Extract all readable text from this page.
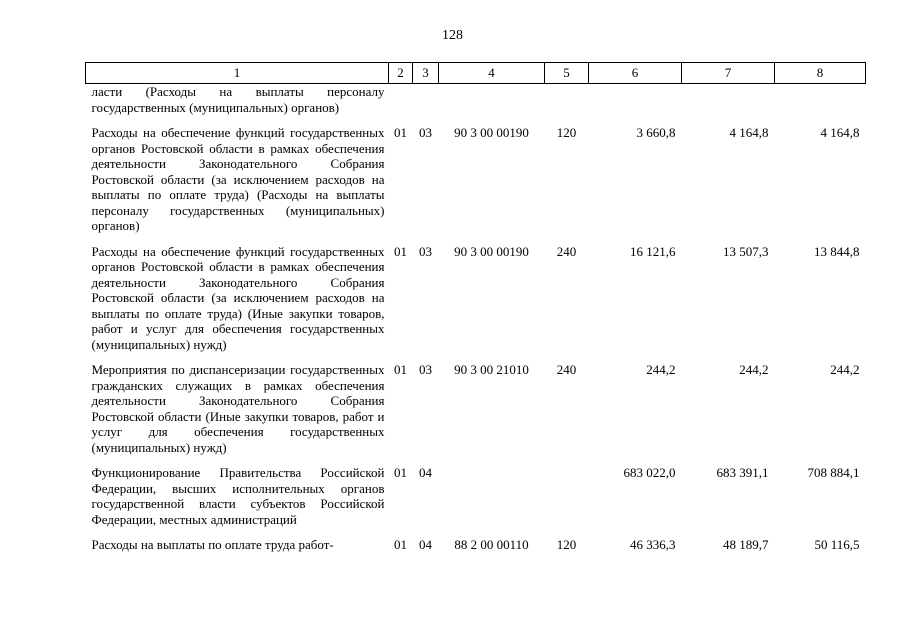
128
1	2	3	4	5	6	7	8
ласти (Расходы на выплаты персоналу государственных (муниципальных) органов)							
Расходы на обеспечение функций государственных органов Ростовской области в рамках обеспечения деятельности Законодательного Собрания Ростовской области (за исключением расходов на выплаты по оплате труда) (Расходы на выплаты персоналу государственных (муниципальных) органов)	01	03	90 3 00 00190	120	3 660,8	4 164,8	4 164,8
Расходы на обеспечение функций государственных органов Ростовской области в рамках обеспечения деятельности Законодательного Собрания Ростовской области (за исключением расходов на выплаты по оплате труда) (Иные закупки товаров, работ и услуг для обеспечения государственных (муниципальных) нужд)	01	03	90 3 00 00190	240	16 121,6	13 507,3	13 844,8
Мероприятия по диспансеризации государственных гражданских служащих в рамках обеспечения деятельности Законодательного Собрания Ростовской области (Иные закупки товаров, работ и услуг для обеспечения государственных (муниципальных) нужд)	01	03	90 3 00 21010	240	244,2	244,2	244,2
Функционирование Правительства Российской Федерации, высших исполнительных органов государственной власти субъектов Российской Федерации, местных администраций	01	04			683 022,0	683 391,1	708 884,1
Расходы на выплаты по оплате труда работ-	01	04	88 2 00 00110	120	46 336,3	48 189,7	50 116,5
